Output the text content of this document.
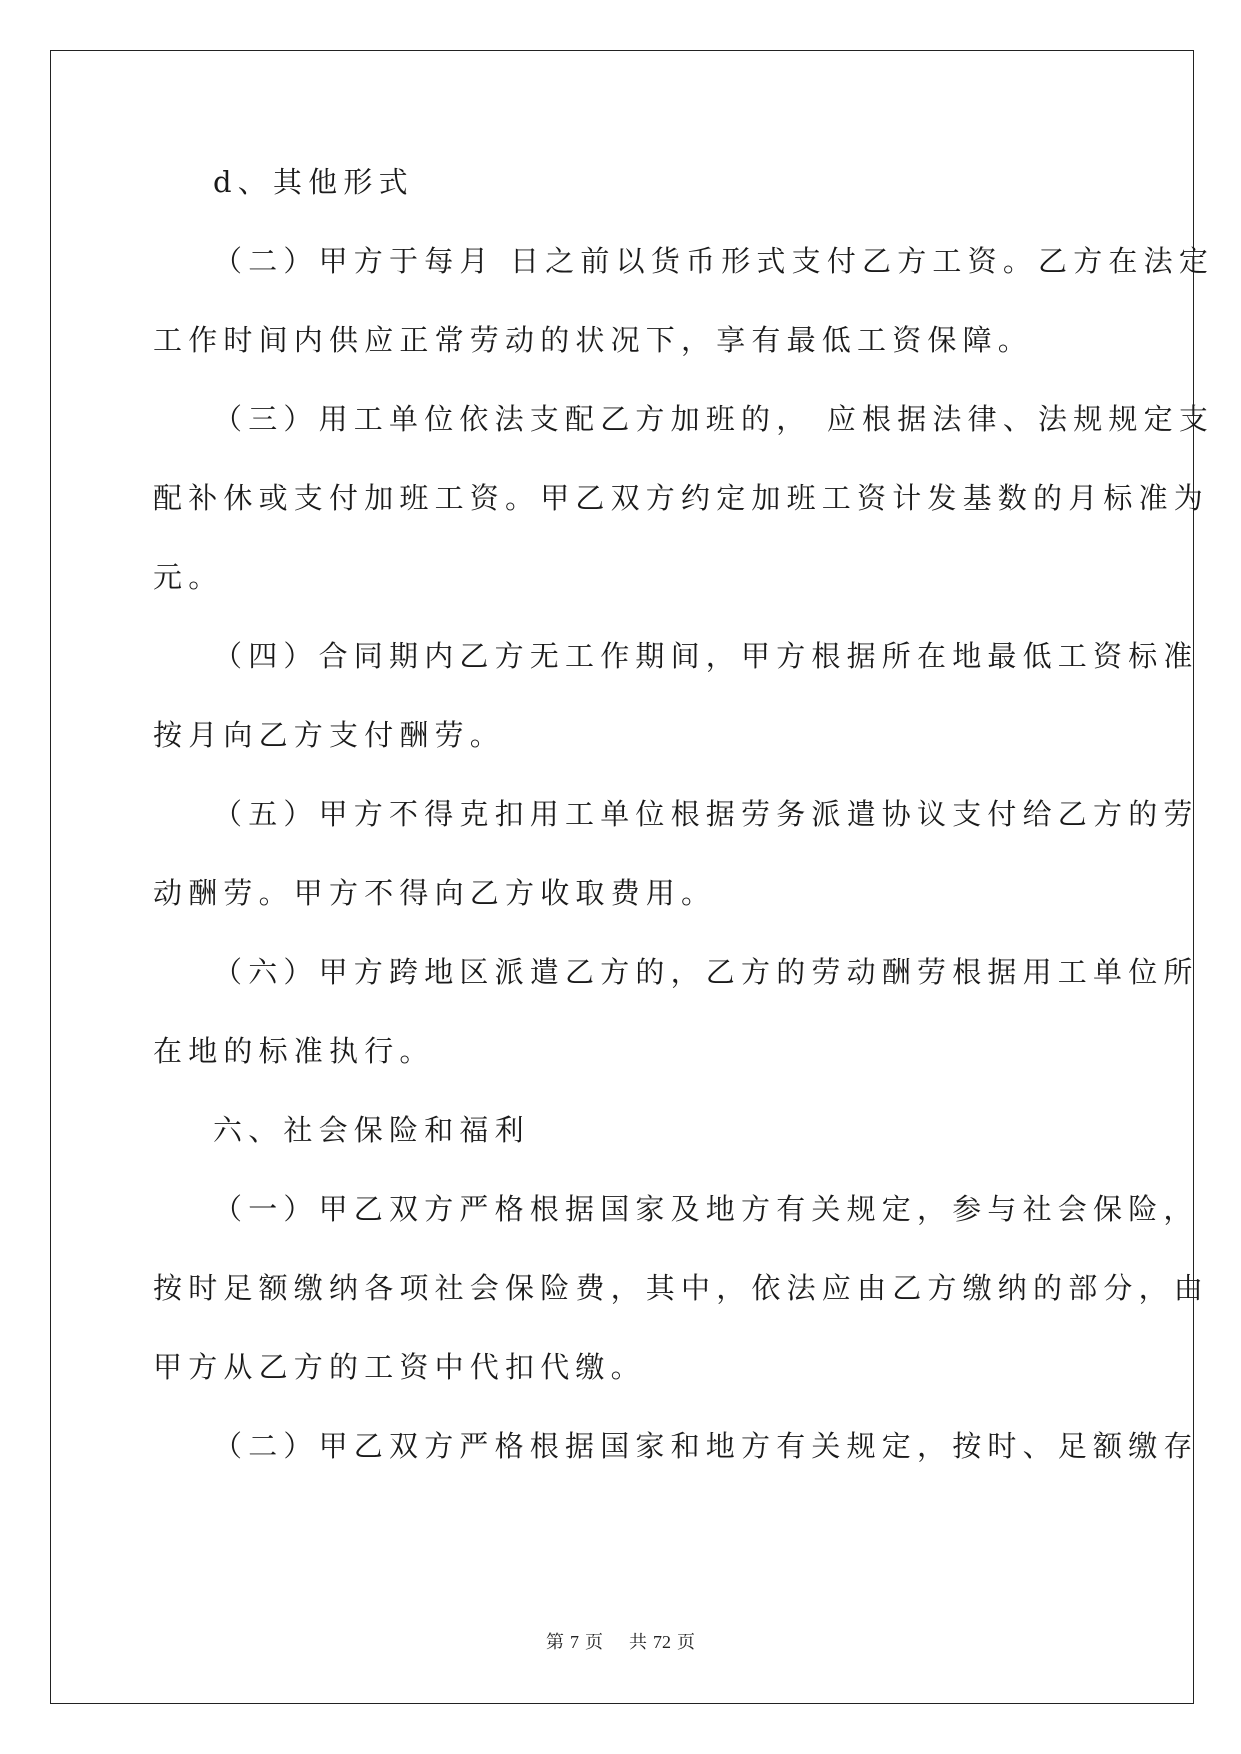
d、其他形式

（二）甲方于每月 日之前以货币形式支付乙方工资。乙方在法定

工作时间内供应正常劳动的状况下，享有最低工资保障。

（三）用工单位依法支配乙方加班的， 应根据法律、法规规定支

配补休或支付加班工资。甲乙双方约定加班工资计发基数的月标准为

元。

（四）合同期内乙方无工作期间，甲方根据所在地最低工资标准

按月向乙方支付酬劳。

（五）甲方不得克扣用工单位根据劳务派遣协议支付给乙方的劳

动酬劳。甲方不得向乙方收取费用。

（六）甲方跨地区派遣乙方的，乙方的劳动酬劳根据用工单位所

在地的标准执行。

六、社会保险和福利

（一）甲乙双方严格根据国家及地方有关规定，参与社会保险，

按时足额缴纳各项社会保险费，其中，依法应由乙方缴纳的部分，由

甲方从乙方的工资中代扣代缴。

（二）甲乙双方严格根据国家和地方有关规定，按时、足额缴存

第 7 页 共 72 页
